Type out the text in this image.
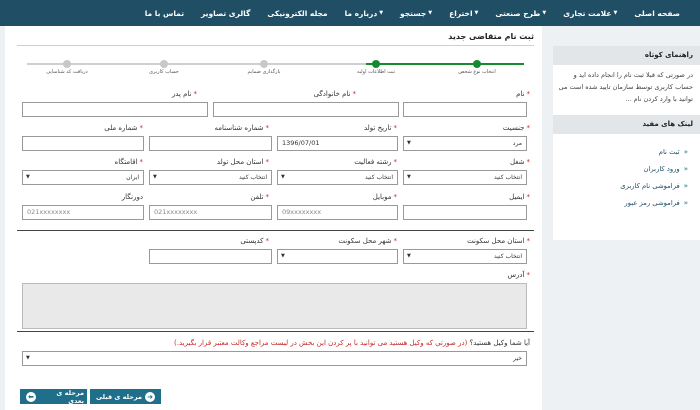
صفحه اصلی
▼
علامت تجاری
▼
طرح صنعتی
▼
اختراع
▼
جستجو
▼
درباره ما
مجله الکترونیکی
گالری تصاویر
تماس با ما
ثبت نام متقاضی جدید
انتخاب نوع شخص
ثبت اطلاعات اولیه
بازگذاری ضمایم
حساب کاربری
دریافت کد شناسایی
*نام
*نام خانوادگی
*نام پدر
*جنسیت
مرد
▼
*تاریخ تولد
1396/07/01
*شماره شناسنامه
*شماره ملی
*شغل
انتخاب کنید
▼
*رشته فعالیت
انتخاب کنید
▼
*استان محل تولد
انتخاب کنید
▼
*اقامتگاه
ایران
▼
*ایمیل
*موبایل
09xxxxxxxx
*تلفن
021xxxxxxxx
دورنگار
021xxxxxxxx
*استان محل سکونت
انتخاب کنید
▼
*شهر محل سکونت
▼
*کدپستی
*آدرس
آیا شما وکیل هستید؟ (در صورتی که وکیل هستید می توانید با پر کردن این بخش در لیست مراجع وکالت معتبر قرار بگیرید.)
خیر
▼
➜
مرحله ی قبلی
مرحله ی بعدی
⬅
راهنمای کوتاه
در صورتی که قبلا ثبت نام را انجام داده اید و حساب کاربری توسط سازمان تایید شده است می توانید با وارد کردن نام ...
لینک های مفید
«ثبت نام
«ورود کاربران
«فراموشی نام کاربری
«فراموشی رمز عبور
